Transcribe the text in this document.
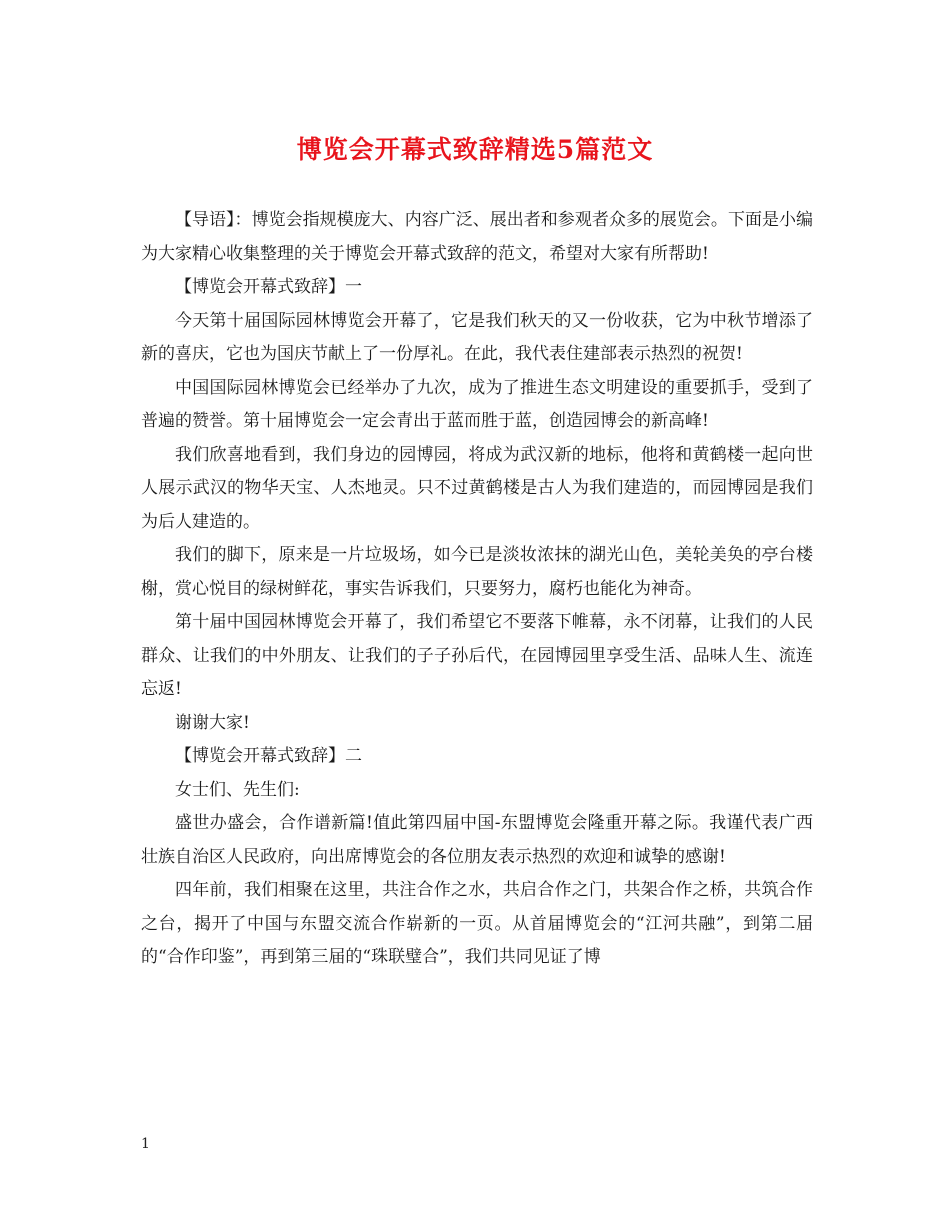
博览会开幕式致辞精选5篇范文

【导语】：博览会指规模庞大、内容广泛、展出者和参观者众多的展览会。下面是小编为大家精心收集整理的关于博览会开幕式致辞的范文，希望对大家有所帮助!

【博览会开幕式致辞】一

今天第十届国际园林博览会开幕了，它是我们秋天的又一份收获，它为中秋节增添了新的喜庆，它也为国庆节献上了一份厚礼。在此，我代表住建部表示热烈的祝贺!

中国国际园林博览会已经举办了九次，成为了推进生态文明建设的重要抓手，受到了普遍的赞誉。第十届博览会一定会青出于蓝而胜于蓝，创造园博会的新高峰!

我们欣喜地看到，我们身边的园博园，将成为武汉新的地标，他将和黄鹤楼一起向世人展示武汉的物华天宝、人杰地灵。只不过黄鹤楼是古人为我们建造的，而园博园是我们为后人建造的。

我们的脚下，原来是一片垃圾场，如今已是淡妆浓抹的湖光山色，美轮美奂的亭台楼榭，赏心悦目的绿树鲜花，事实告诉我们，只要努力，腐朽也能化为神奇。

第十届中国园林博览会开幕了，我们希望它不要落下帷幕，永不闭幕，让我们的人民群众、让我们的中外朋友、让我们的子子孙后代，在园博园里享受生活、品味人生、流连忘返!

谢谢大家!

【博览会开幕式致辞】二

女士们、先生们:

盛世办盛会，合作谱新篇!值此第四届中国-东盟博览会隆重开幕之际。我谨代表广西壮族自治区人民政府，向出席博览会的各位朋友表示热烈的欢迎和诚挚的感谢!

四年前，我们相聚在这里，共注合作之水，共启合作之门，共架合作之桥，共筑合作之台，揭开了中国与东盟交流合作崭新的一页。从首届博览会的“江河共融”，到第二届的“合作印鉴”，再到第三届的“珠联璧合”，我们共同见证了博

1
